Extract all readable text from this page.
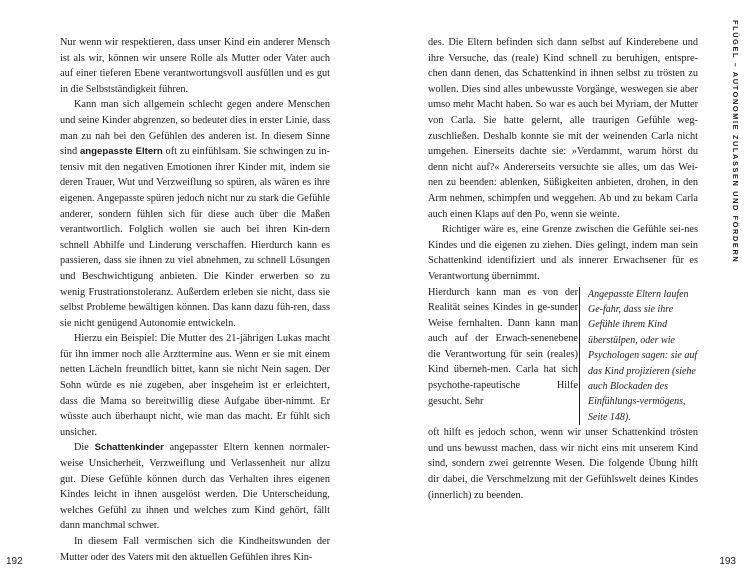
Nur wenn wir respektieren, dass unser Kind ein anderer Mensch ist als wir, können wir unsere Rolle als Mutter oder Vater auch auf einer tieferen Ebene verantwortungsvoll ausfüllen und es gut in die Selbstständigkeit führen.

Kann man sich allgemein schlecht gegen andere Menschen und seine Kinder abgrenzen, so bedeutet dies in erster Linie, dass man zu nah bei den Gefühlen des anderen ist. In diesem Sinne sind angepasste Eltern oft zu einfühlsam. Sie schwingen zu in-tensiv mit den negativen Emotionen ihrer Kinder mit, indem sie deren Trauer, Wut und Verzweiflung so spüren, als wären es ihre eigenen. Angepasste spüren jedoch nicht nur zu stark die Gefühle anderer, sondern fühlen sich für diese auch über die Maßen verantwortlich. Folglich wollen sie auch bei ihren Kin-dern schnell Abhilfe und Linderung verschaffen. Hierdurch kann es passieren, dass sie ihnen zu viel abnehmen, zu schnell Lösungen und Beschwichtigung anbieten. Die Kinder erwerben so zu wenig Frustrationstoleranz. Außerdem erleben sie nicht, dass sie selbst Probleme bewältigen können. Das kann dazu füh-ren, dass sie nicht genügend Autonomie entwickeln.

Hierzu ein Beispiel: Die Mutter des 21-jährigen Lukas macht für ihn immer noch alle Arzttermine aus. Wenn er sie mit einem netten Lächeln freundlich bittet, kann sie nicht Nein sagen. Der Sohn würde es nie zugeben, aber insgeheim ist er erleichtert, dass die Mama so bereitwillig diese Aufgabe über-nimmt. Er wüsste auch überhaupt nicht, wie man das macht. Er fühlt sich unsicher.

Die Schattenkinder angepasster Eltern kennen normaler-weise Unsicherheit, Verzweiflung und Verlassenheit nur allzu gut. Diese Gefühle können durch das Verhalten ihres eigenen Kindes leicht in ihnen ausgelöst werden. Die Unterscheidung, welches Gefühl zu ihnen und welches zum Kind gehört, fällt dann manchmal schwer.

In diesem Fall vermischen sich die Kindheitswunden der Mutter oder des Vaters mit den aktuellen Gefühlen ihres Kin-

192

des. Die Eltern befinden sich dann selbst auf Kinderebene und ihre Versuche, das (reale) Kind schnell zu beruhigen, entspre-chen dann denen, das Schattenkind in ihnen selbst zu trösten zu wollen. Dies sind alles unbewusste Vorgänge, weswegen sie aber umso mehr Macht haben. So war es auch bei Myriam, der Mutter von Carla. Sie hatte gelernt, alle traurigen Gefühle weg-zuschließen. Deshalb konnte sie mit der weinenden Carla nicht umgehen. Einerseits dachte sie: »Verdammt, warum hörst du denn nicht auf?« Andererseits versuchte sie alles, um das Wei-nen zu beenden: ablenken, Süßigkeiten anbieten, drohen, in den Arm nehmen, schimpfen und weggehen. Ab und zu bekam Carla auch einen Klaps auf den Po, wenn sie weinte.

Richtiger wäre es, eine Grenze zwischen die Gefühle sei-nes Kindes und die eigenen zu ziehen. Dies gelingt, indem man sein Schattenkind identifiziert und als innerer Erwachsener für es Verantwortung übernimmt.

Hierdurch kann man es von der Realität seines Kindes in ge-sunder Weise fernhalten. Dann kann man auch auf der Erwach-senenebene die Verantwortung für sein (reales) Kind überneh-men. Carla hat sich psychothe-rapeutische Hilfe gesucht. Sehr

Angepasste Eltern laufen Ge-fahr, dass sie ihre Gefühle ihrem Kind überstülpen, oder wie Psychologen sagen: sie auf das Kind projizieren (siehe auch Blockaden des Einfühlungs-vermögens, Seite 148).

oft hilft es jedoch schon, wenn wir unser Schattenkind trösten und uns bewusst machen, dass wir nicht eins mit unserem Kind sind, sondern zwei getrennte Wesen. Die folgende Übung hilft dir dabei, die Verschmelzung mit der Gefühlswelt deines Kindes (innerlich) zu beenden.

193
FLÜGEL – AUTONOMIE ZULASSEN UND FÖRDERN
